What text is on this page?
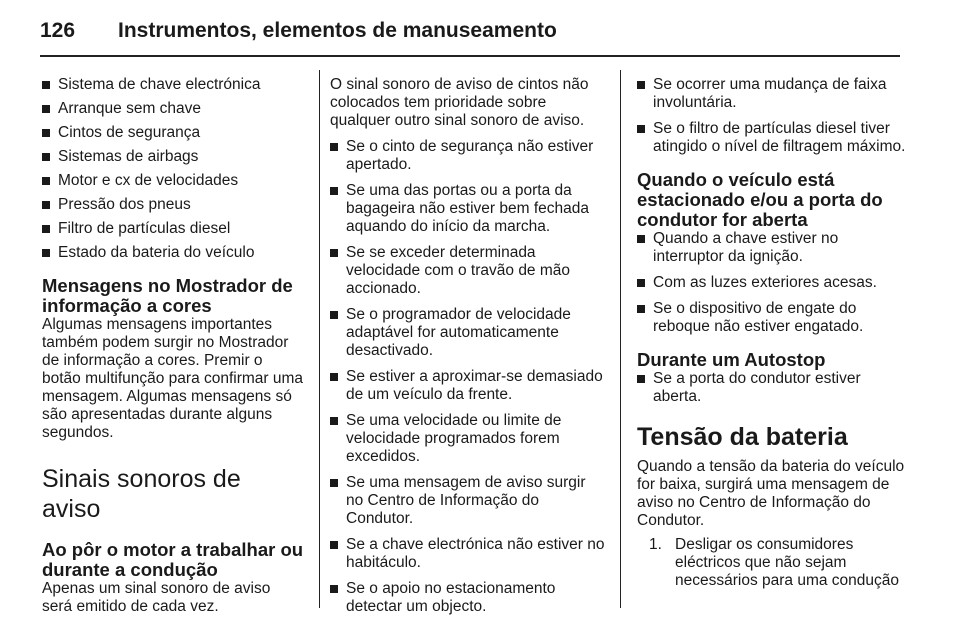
126 Instrumentos, elementos de manuseamento
Sistema de chave electrónica
Arranque sem chave
Cintos de segurança
Sistemas de airbags
Motor e cx de velocidades
Pressão dos pneus
Filtro de partículas diesel
Estado da bateria do veículo
Mensagens no Mostrador de informação a cores

Algumas mensagens importantes também podem surgir no Mostrador de informação a cores. Premir o botão multifunção para confirmar uma mensagem. Algumas mensagens só são apresentadas durante alguns segundos.

Sinais sonoros de aviso
Ao pôr o motor a trabalhar ou durante a condução

Apenas um sinal sonoro de aviso será emitido de cada vez.

O sinal sonoro de aviso de cintos não colocados tem prioridade sobre qualquer outro sinal sonoro de aviso.

Se o cinto de segurança não estiver apertado.
Se uma das portas ou a porta da bagageira não estiver bem fechada aquando do início da marcha.
Se se exceder determinada velocidade com o travão de mão accionado.
Se o programador de velocidade adaptável for automaticamente desactivado.
Se estiver a aproximar-se demasiado de um veículo da frente.
Se uma velocidade ou limite de velocidade programados forem excedidos.
Se uma mensagem de aviso surgir no Centro de Informação do Condutor.
Se a chave electrónica não estiver no habitáculo.
Se o apoio no estacionamento detectar um objecto.
Se ocorrer uma mudança de faixa involuntária.
Se o filtro de partículas diesel tiver atingido o nível de filtragem máximo.
Quando o veículo está estacionado e/ou a porta do condutor for aberta
Quando a chave estiver no interruptor da ignição.
Com as luzes exteriores acesas.
Se o dispositivo de engate do reboque não estiver engatado.
Durante um Autostop
Se a porta do condutor estiver aberta.
Tensão da bateria

Quando a tensão da bateria do veículo for baixa, surgirá uma mensagem de aviso no Centro de Informação do Condutor.

1. Desligar os consumidores eléctricos que não sejam necessários para uma condução
